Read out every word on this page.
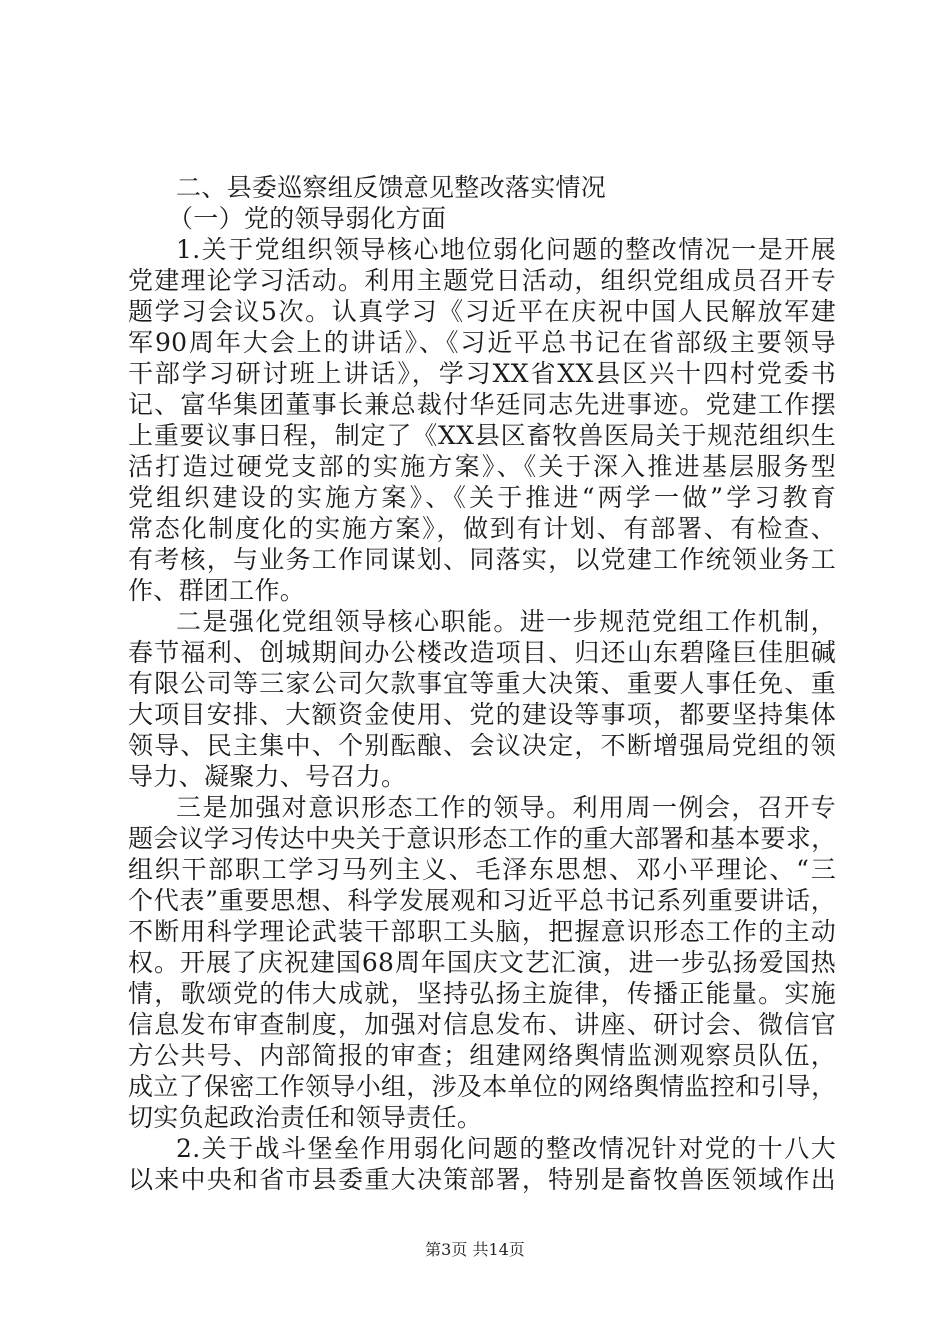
二、县委巡察组反馈意见整改落实情况
（一）党的领导弱化方面
1.关于党组织领导核心地位弱化问题的整改情况一是开展
党建理论学习活动。利用主题党日活动，组织党组成员召开专
题学习会议5次。认真学习《习近平在庆祝中国人民解放军建
军90周年大会上的讲话》、《习近平总书记在省部级主要领导
干部学习研讨班上讲话》，学习XX省XX县区兴十四村党委书
记、富华集团董事长兼总裁付华廷同志先进事迹。党建工作摆
上重要议事日程，制定了《XX县区畜牧兽医局关于规范组织生
活打造过硬党支部的实施方案》、《关于深入推进基层服务型
党组织建设的实施方案》、《关于推进“两学一做”学习教育
常态化制度化的实施方案》，做到有计划、有部署、有检查、
有考核，与业务工作同谋划、同落实，以党建工作统领业务工
作、群团工作。
二是强化党组领导核心职能。进一步规范党组工作机制，
春节福利、创城期间办公楼改造项目、归还山东碧隆巨佳胆碱
有限公司等三家公司欠款事宜等重大决策、重要人事任免、重
大项目安排、大额资金使用、党的建设等事项，都要坚持集体
领导、民主集中、个别酝酿、会议决定，不断增强局党组的领
导力、凝聚力、号召力。
三是加强对意识形态工作的领导。利用周一例会，召开专
题会议学习传达中央关于意识形态工作的重大部署和基本要求，
组织干部职工学习马列主义、毛泽东思想、邓小平理论、“三
个代表”重要思想、科学发展观和习近平总书记系列重要讲话，
不断用科学理论武装干部职工头脑，把握意识形态工作的主动
权。开展了庆祝建国68周年国庆文艺汇演，进一步弘扬爱国热
情，歌颂党的伟大成就，坚持弘扬主旋律，传播正能量。实施
信息发布审查制度，加强对信息发布、讲座、研讨会、微信官
方公共号、内部简报的审查；组建网络舆情监测观察员队伍，
成立了保密工作领导小组，涉及本单位的网络舆情监控和引导，
切实负起政治责任和领导责任。
2.关于战斗堡垒作用弱化问题的整改情况针对党的十八大
以来中央和省市县委重大决策部署，特别是畜牧兽医领域作出
第3页 共14页
